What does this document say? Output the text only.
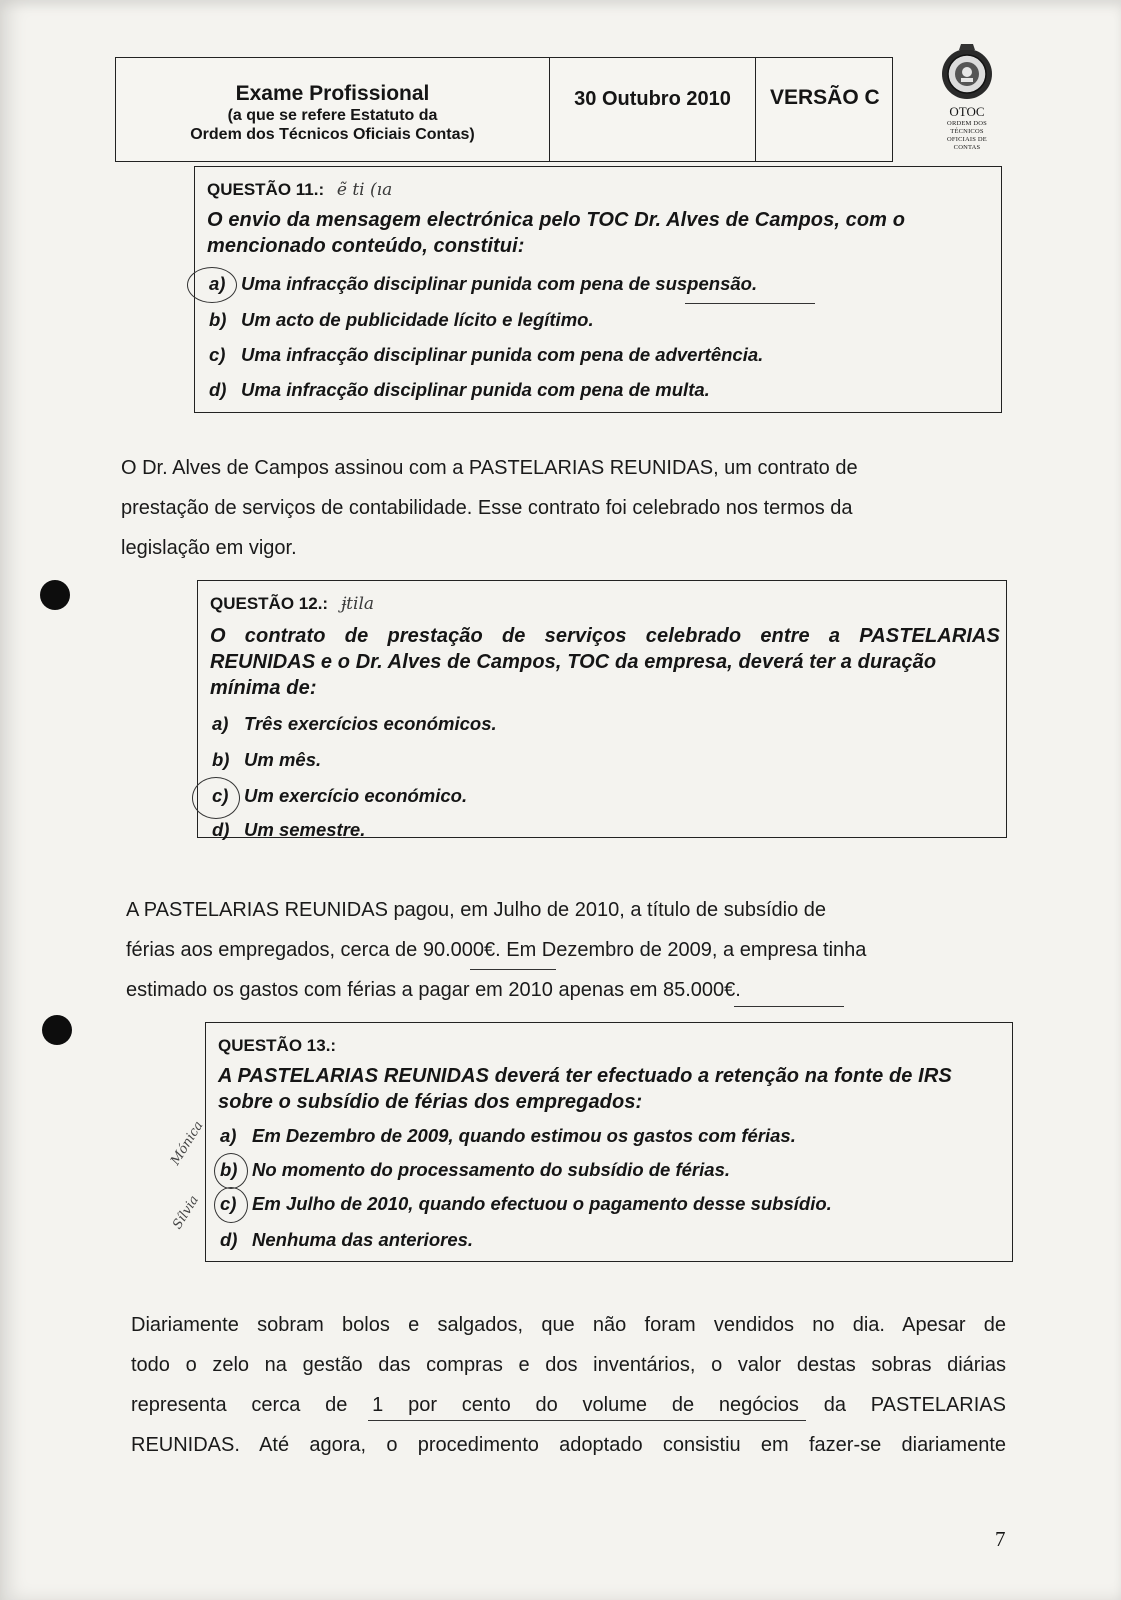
Exame Profissional
(a que se refere Estatuto da
Ordem dos Técnicos Oficiais Contas)
30 Outubro 2010	VERSÃO C
OTOC
ORDEM DOS TÉCNICOS
OFICIAIS DE CONTAS
QUESTÃO 11.: ẽ ti (ıa
O envio da mensagem electrónica pelo TOC Dr. Alves de Campos, com o
mencionado conteúdo, constitui:
a) Uma infracção disciplinar punida com pena de suspensão.
b) Um acto de publicidade lícito e legítimo.
c) Uma infracção disciplinar punida com pena de advertência.
d) Uma infracção disciplinar punida com pena de multa.
O Dr. Alves de Campos assinou com a PASTELARIAS REUNIDAS, um contrato de
prestação de serviços de contabilidade. Esse contrato foi celebrado nos termos da
legislação em vigor.
QUESTÃO 12.: ɉtila
O contrato de prestação de serviços celebrado entre a PASTELARIAS
REUNIDAS e o Dr. Alves de Campos, TOC da empresa, deverá ter a duração
mínima de:
a) Três exercícios económicos.
b) Um mês.
c) Um exercício económico.
d) Um semestre.
A PASTELARIAS REUNIDAS pagou, em Julho de 2010, a título de subsídio de
férias aos empregados, cerca de 90.000€. Em Dezembro de 2009, a empresa tinha
estimado os gastos com férias a pagar em 2010 apenas em 85.000€.
QUESTÃO 13.:
A PASTELARIAS REUNIDAS deverá ter efectuado a retenção na fonte de IRS
sobre o subsídio de férias dos empregados:
a) Em Dezembro de 2009, quando estimou os gastos com férias.
b) No momento do processamento do subsídio de férias.
c) Em Julho de 2010, quando efectuou o pagamento desse subsídio.
d) Nenhuma das anteriores.
Mónica
Sílvia
Diariamente sobram bolos e salgados, que não foram vendidos no dia. Apesar de
todo o zelo na gestão das compras e dos inventários, o valor destas sobras diárias
representa cerca de 1 por cento do volume de negócios da PASTELARIAS
REUNIDAS. Até agora, o procedimento adoptado consistiu em fazer-se diariamente
7
